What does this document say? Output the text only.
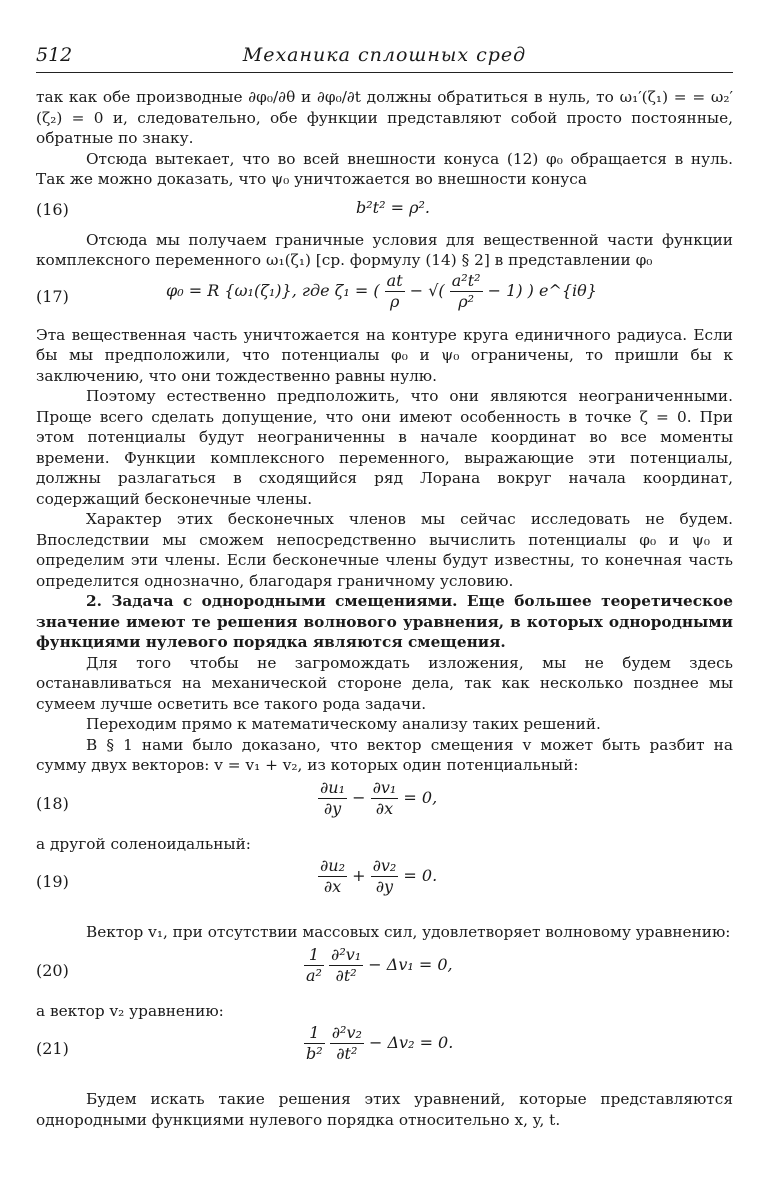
512	Механика сплошных сред

так как обе производные ∂φ₀/∂θ и ∂φ₀/∂t должны обратиться в нуль, то ω₁′(ζ₁) = = ω₂′(ζ₂) = 0 и, следовательно, обе функции представляют собой просто постоянные, обратные по знаку.

Отсюда вытекает, что во всей внешности конуса (12) φ₀ обращается в нуль. Так же можно доказать, что ψ₀ уничтожается во внешности конуса

(16)	b²t² = ρ².

Отсюда мы получаем граничные условия для вещественной части функции комплексного переменного ω₁(ζ₁) [ср. формулу (14) § 2] в представлении φ₀

(17)	φ₀ = R {ω₁(ζ₁)}, где ζ₁ = ( $\frac{at}{\rho}$ − √( $\frac{\text{a²t²}}{\text{ρ²}} - 1$) ) e^{iθ}

Эта вещественная часть уничтожается на контуре круга единичного радиуса. Если бы мы предположили, что потенциалы φ₀ и ψ₀ ограничены, то пришли бы к заключению, что они тождественно равны нулю.

Поэтому естественно предположить, что они являются неограниченными. Проще всего сделать допущение, что они имеют особенность в точке ζ = 0. При этом потенциалы будут неограниченны в начале координат во все моменты времени. Функции комплексного переменного, выражающие эти потенциалы, должны разлагаться в сходящийся ряд Лорана вокруг начала координат, содержащий бесконечные члены.

Характер этих бесконечных членов мы сейчас исследовать не будем. Впоследствии мы сможем непосредственно вычислить потенциалы φ₀ и ψ₀ и определим эти члены. Если бесконечные члены будут известны, то конечная часть определится однозначно, благодаря граничному условию.

2. Задача с однородными смещениями. Еще большее теоретическое значение имеют те решения волнового уравнения, в которых однородными функциями нулевого порядка являются смещения.

Для того чтобы не загромождать изложения, мы не будем здесь останавливаться на механической стороне дела, так как несколько позднее мы сумеем лучше осветить все такого рода задачи.

Переходим прямо к математическому анализу таких решений.

В § 1 нами было доказано, что вектор смещения v может быть разбит на сумму двух векторов: v = v₁ + v₂, из которых один потенциальный:

(18)	$\frac{\text{∂u₁}}{\partial y} - \frac{\text{∂v₁}}{\partial x} = 0$,

а другой соленоидальный:

(19)	$\frac{\text{∂u₂}}{\partial x} + \frac{\text{∂v₂}}{\partial y} = 0$.

Вектор v₁, при отсутствии массовых сил, удовлетворяет волновому уравнению:

(20)	$\frac{1}{\text{a²}}$
$\frac{\text{∂²v₁}}{\text{∂t²}} - \Delta v_1 = 0$,

а вектор v₂ уравнению:

(21)	$\frac{1}{\text{b²}}$
$\frac{\text{∂²v₂}}{\text{∂t²}} - \Delta v_2 = 0$.

Будем искать такие решения этих уравнений, которые представляются однородными функциями нулевого порядка относительно x, y, t.
